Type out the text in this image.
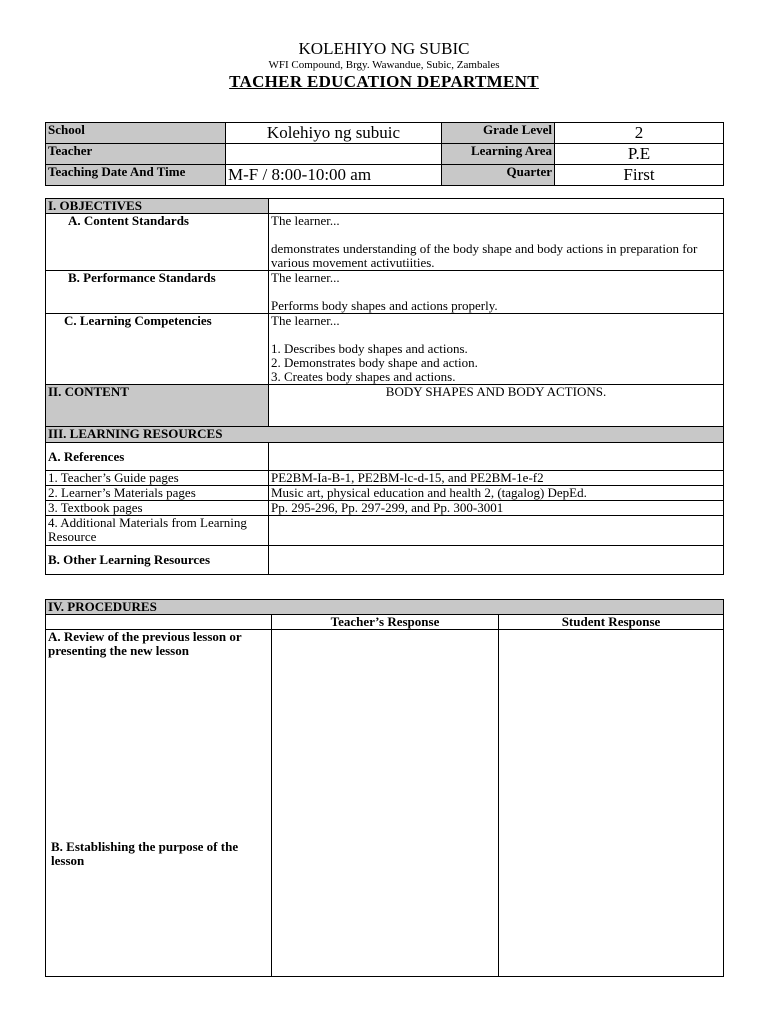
KOLEHIYO NG SUBIC
WFI Compound, Brgy. Wawandue, Subic, Zambales
TACHER EDUCATION DEPARTMENT
School	Kolehiyo ng subuic	Grade Level	2
Teacher		Learning Area	P.E
Teaching Date And Time	M-F / 8:00-10:00 am	Quarter	First
I. OBJECTIVES	
A. Content Standards	The learner...
demonstrates understanding of the body shape and body actions in preparation for various movement activutiities.

B. Performance Standards	The learner...
Performs body shapes and actions properly.

C. Learning Competencies	The learner...
1. Describes body shapes and actions.
2. Demonstrates body shape and action.
3. Creates body shapes and actions.

II. CONTENT	BODY SHAPES AND BODY ACTIONS.
III. LEARNING RESOURCES	
A. References	
1. Teacher’s Guide pages	PE2BM-Ia-B-1, PE2BM-lc-d-15, and PE2BM-1e-f2
2. Learner’s Materials pages	Music art, physical education and health 2, (tagalog) DepEd.
3. Textbook pages	Pp. 295-296, Pp. 297-299, and Pp. 300-3001
4. Additional Materials from Learning Resource	
B. Other Learning Resources	
IV. PROCEDURES		
	Teacher’s Response	Student Response

A. Review of the previous lesson or presenting the new lesson
B. Establishing the purpose of the lesson		
